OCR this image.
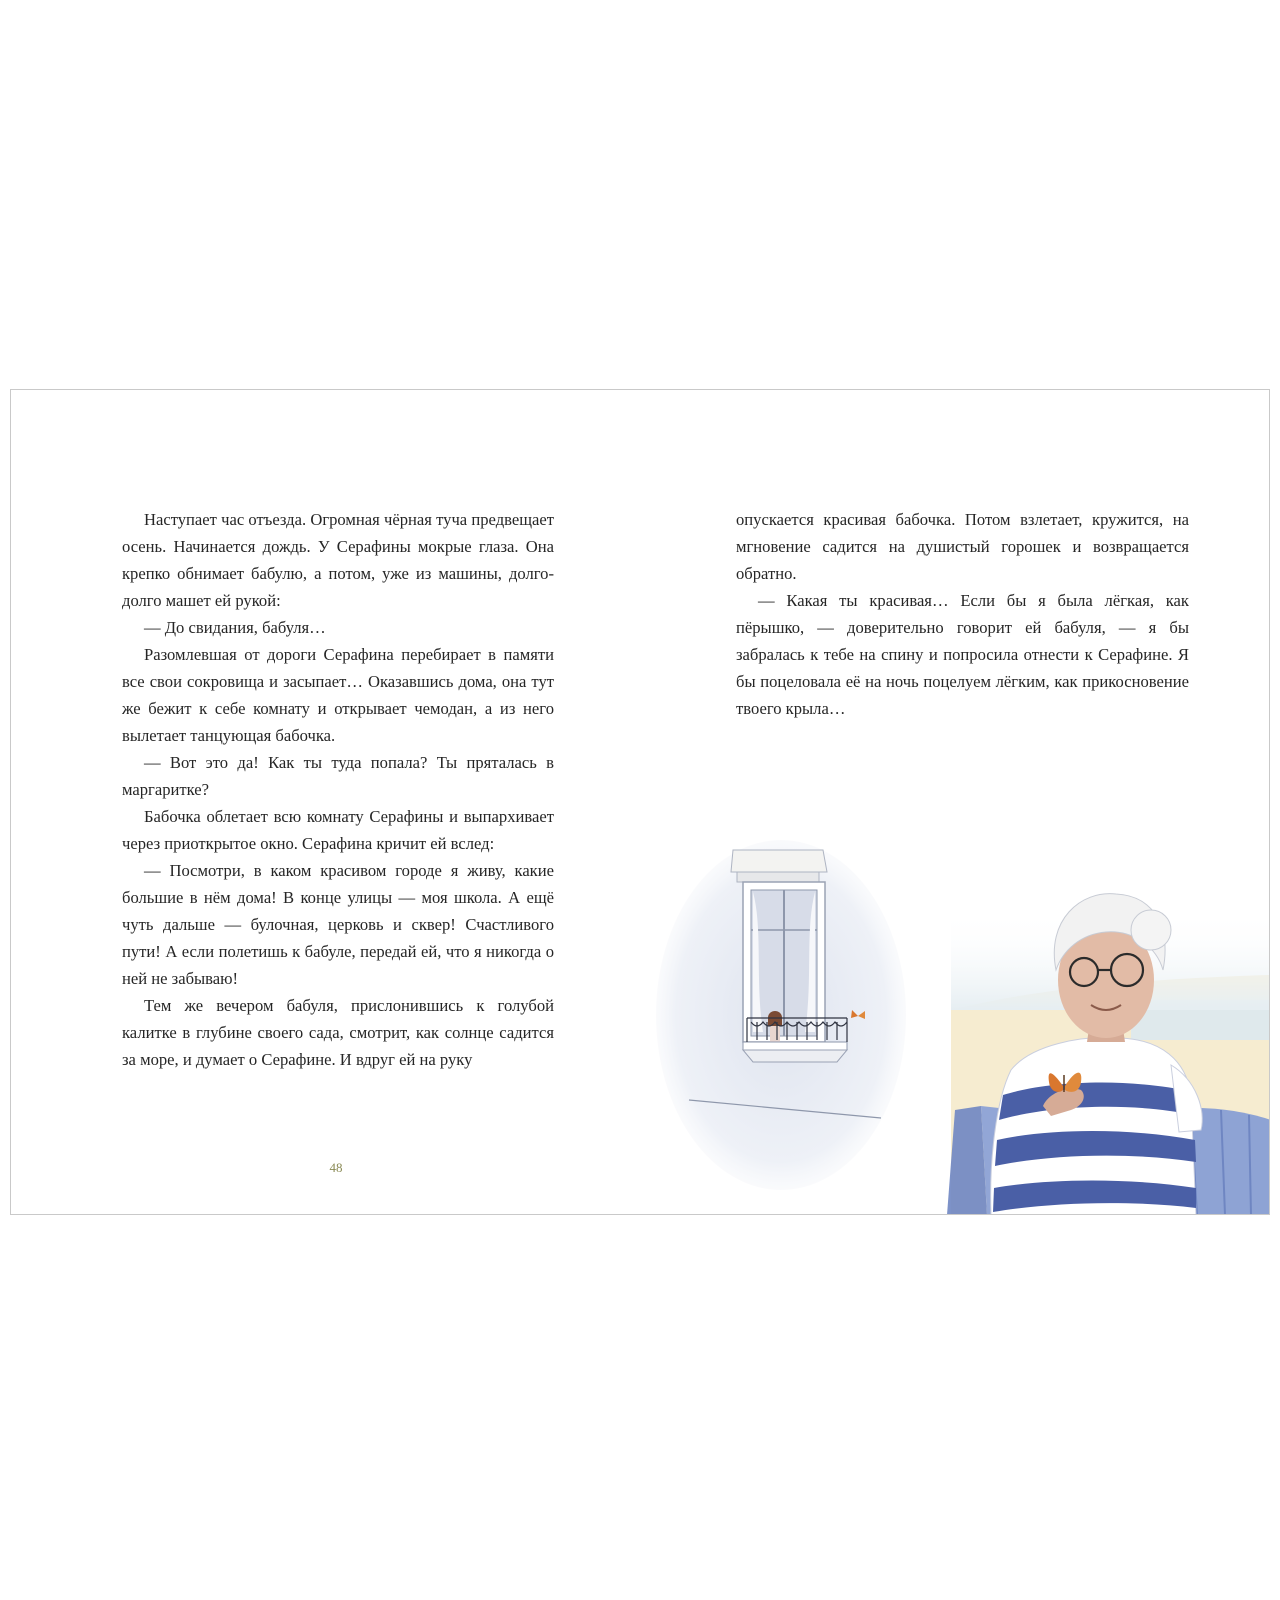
Наступает час отъезда. Огромная чёрная туча предвещает осень. Начинается дождь. У Серафины мокрые глаза. Она крепко обнимает бабулю, а потом, уже из машины, долго-долго машет ей рукой:

— До свидания, бабуля…

Разомлевшая от дороги Серафина перебирает в памяти все свои сокровища и засыпает… Оказавшись дома, она тут же бежит к себе комнату и открывает чемодан, а из него вылетает танцующая бабочка.

— Вот это да! Как ты туда попала? Ты пряталась в маргаритке?

Бабочка облетает всю комнату Серафины и выпархивает через приоткрытое окно. Серафина кричит ей вслед:

— Посмотри, в каком красивом городе я живу, какие большие в нём дома! В конце улицы — моя школа. А ещё чуть дальше — булочная, церковь и сквер! Счастливого пути! А если полетишь к бабуле, передай ей, что я никогда о ней не забываю!

Тем же вечером бабуля, прислонившись к голубой калитке в глубине своего сада, смотрит, как солнце садится за море, и думает о Серафине. И вдруг ей на руку

48

опускается красивая бабочка. Потом взлетает, кружится, на мгновение садится на душистый горошек и возвращается обратно.

— Какая ты красивая… Если бы я была лёгкая, как пёрышко, — доверительно говорит ей бабуля, — я бы забралась к тебе на спину и попросила отнести к Серафине. Я бы поцеловала её на ночь поцелуем лёгким, как прикосновение твоего крыла…
